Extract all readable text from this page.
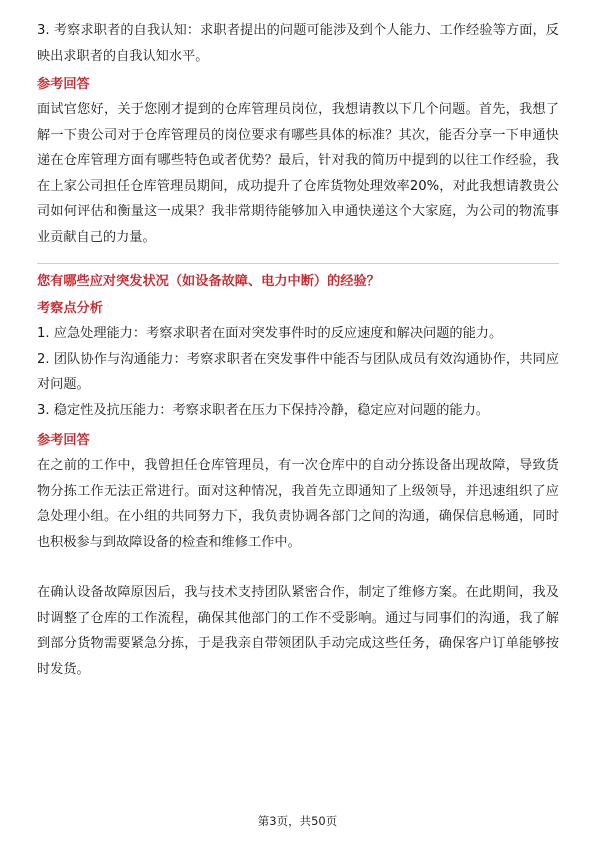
3. 考察求职者的自我认知：求职者提出的问题可能涉及到个人能力、工作经验等方面，反映出求职者的自我认知水平。

参考回答

面试官您好，关于您刚才提到的仓库管理员岗位，我想请教以下几个问题。首先，我想了解一下贵公司对于仓库管理员的岗位要求有哪些具体的标准？其次，能否分享一下申通快递在仓库管理方面有哪些特色或者优势？最后，针对我的简历中提到的以往工作经验，我在上家公司担任仓库管理员期间，成功提升了仓库货物处理效率20%，对此我想请教贵公司如何评估和衡量这一成果？我非常期待能够加入申通快递这个大家庭，为公司的物流事业贡献自己的力量。

您有哪些应对突发状况（如设备故障、电力中断）的经验？

考察点分析

1. 应急处理能力：考察求职者在面对突发事件时的反应速度和解决问题的能力。

2. 团队协作与沟通能力：考察求职者在突发事件中能否与团队成员有效沟通协作，共同应对问题。

3. 稳定性及抗压能力：考察求职者在压力下保持冷静，稳定应对问题的能力。

参考回答

在之前的工作中，我曾担任仓库管理员，有一次仓库中的自动分拣设备出现故障，导致货物分拣工作无法正常进行。面对这种情况，我首先立即通知了上级领导，并迅速组织了应急处理小组。在小组的共同努力下，我负责协调各部门之间的沟通，确保信息畅通，同时也积极参与到故障设备的检查和维修工作中。

在确认设备故障原因后，我与技术支持团队紧密合作，制定了维修方案。在此期间，我及时调整了仓库的工作流程，确保其他部门的工作不受影响。通过与同事们的沟通，我了解到部分货物需要紧急分拣，于是我亲自带领团队手动完成这些任务，确保客户订单能够按时发货。

第3页，共50页
